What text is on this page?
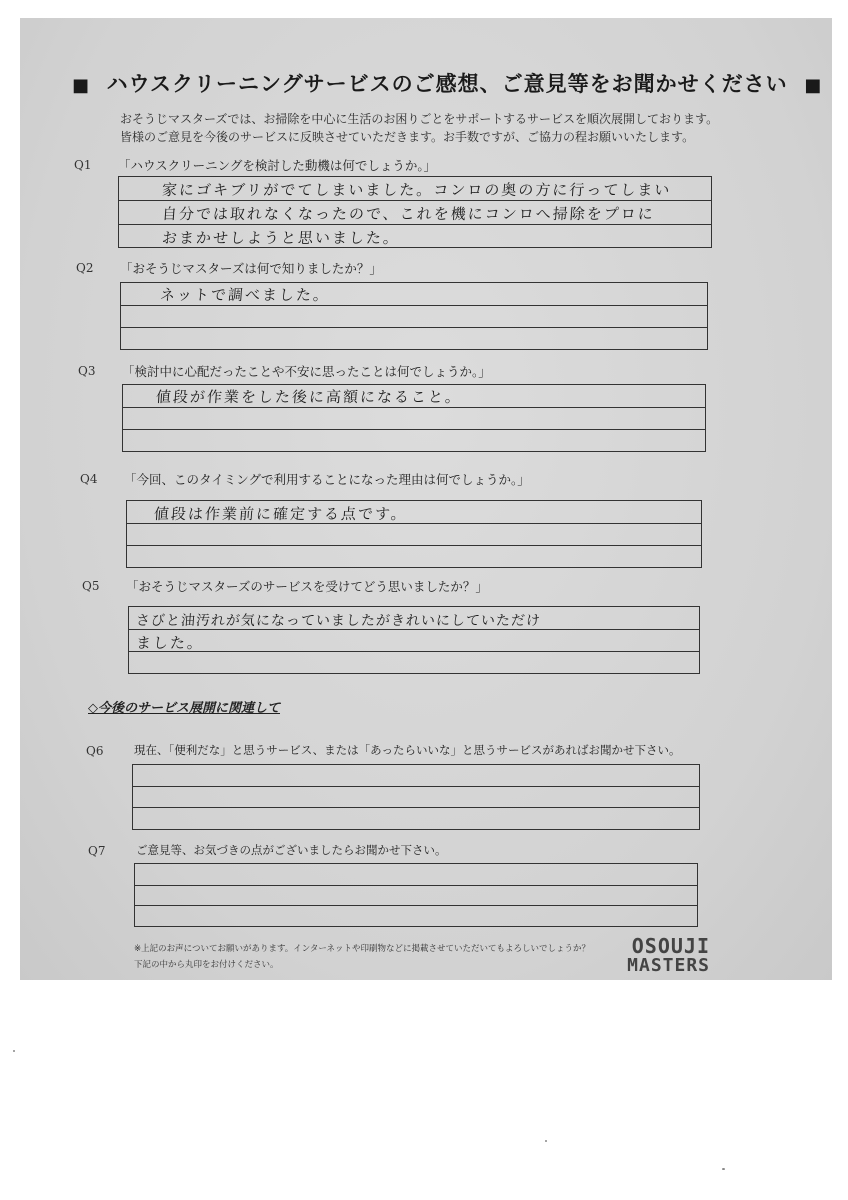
■ ハウスクリーニングサービスのご感想、ご意見等をお聞かせください ■
おそうじマスターズでは、お掃除を中心に生活のお困りごとをサポートするサービスを順次展開しております。
皆様のご意見を今後のサービスに反映させていただきます。お手数ですが、ご協力の程お願いいたします。
Q1 「ハウスクリーニングを検討した動機は何でしょうか。」
家にゴキブリがでてしまいました。コンロの奥の方に行ってしまい
自分では取れなくなったので、これを機にコンロへ掃除をプロに
おまかせしようと思いました。
Q2 「おそうじマスターズは何で知りましたか？」
ネットで調べました。
Q3 「検討中に心配だったことや不安に思ったことは何でしょうか。」
値段が作業をした後に高額になること。
Q4 「今回、このタイミングで利用することになった理由は何でしょうか。」
値段は作業前に確定する点です。
Q5 「おそうじマスターズのサービスを受けてどう思いましたか？」
さびと油汚れが気になっていましたがきれいにしていただけ
ました。
◇今後のサービス展開に関連して
Q6	現在、「便利だな」と思うサービス、または「あったらいいな」と思うサービスがあればお聞かせ下さい。
Q7	ご意見等、お気づきの点がございましたらお聞かせ下さい。
※上記のお声についてお願いがあります。インターネットや印刷物などに掲載させていただいてもよろしいでしょうか？
下記の中から丸印をお付けください。
OSOUJI
MASTERS
